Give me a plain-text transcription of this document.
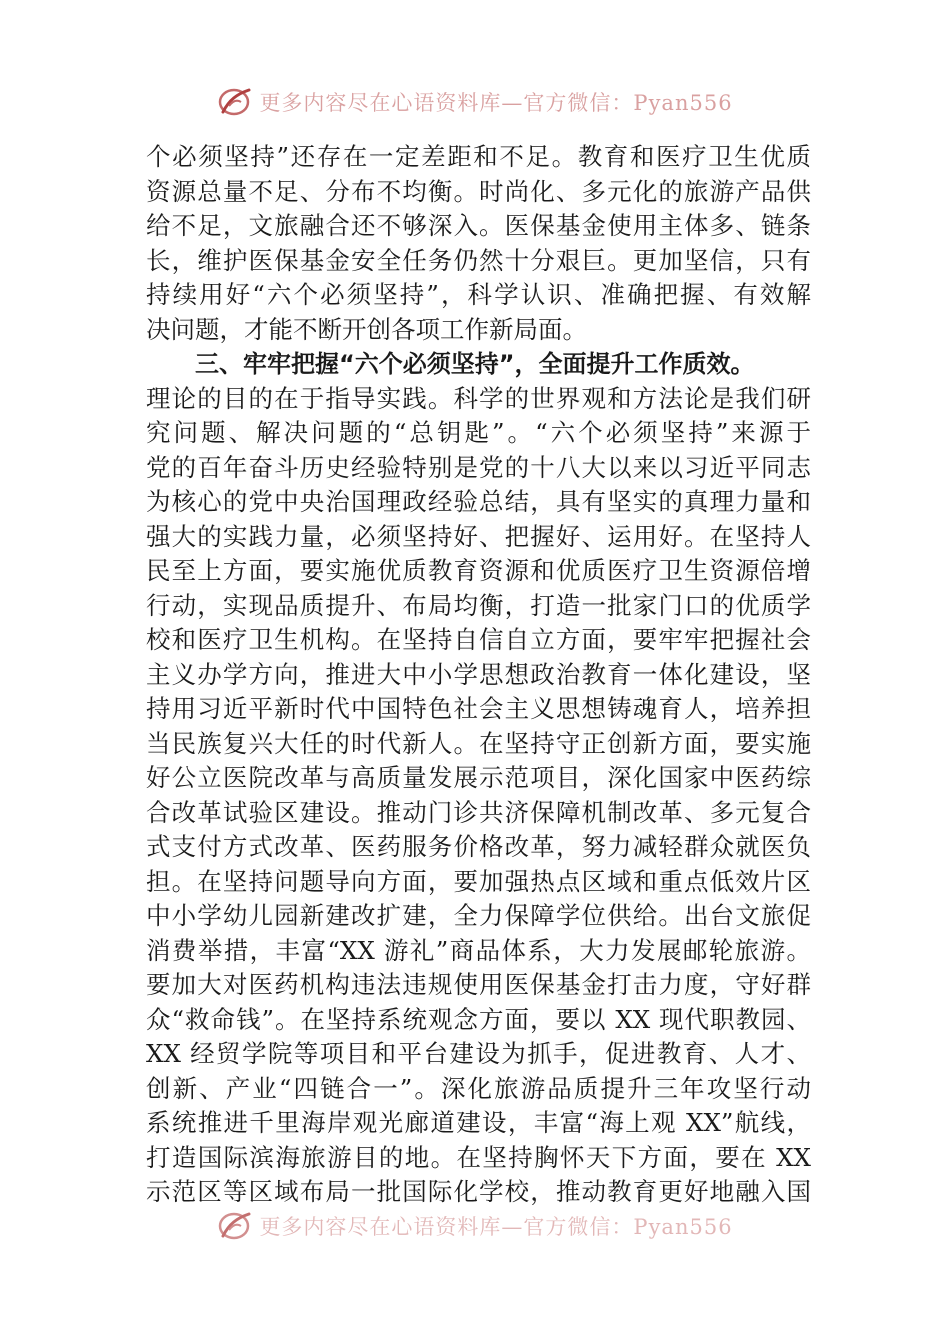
更多内容尽在心语资料库—官方微信：Pyan556
个必须坚持”还存在一定差距和不足。教育和医疗卫生优质
资源总量不足、分布不均衡。时尚化、多元化的旅游产品供
给不足，文旅融合还不够深入。医保基金使用主体多、链条
长，维护医保基金安全任务仍然十分艰巨。更加坚信，只有
持续用好“六个必须坚持”，科学认识、准确把握、有效解
决问题，才能不断开创各项工作新局面。
三、牢牢把握“六个必须坚持”，全面提升工作质效。
理论的目的在于指导实践。科学的世界观和方法论是我们研
究问题、解决问题的“总钥匙”。“六个必须坚持”来源于
党的百年奋斗历史经验特别是党的十八大以来以习近平同志
为核心的党中央治国理政经验总结，具有坚实的真理力量和
强大的实践力量，必须坚持好、把握好、运用好。在坚持人
民至上方面，要实施优质教育资源和优质医疗卫生资源倍增
行动，实现品质提升、布局均衡，打造一批家门口的优质学
校和医疗卫生机构。在坚持自信自立方面，要牢牢把握社会
主义办学方向，推进大中小学思想政治教育一体化建设，坚
持用习近平新时代中国特色社会主义思想铸魂育人，培养担
当民族复兴大任的时代新人。在坚持守正创新方面，要实施
好公立医院改革与高质量发展示范项目，深化国家中医药综
合改革试验区建设。推动门诊共济保障机制改革、多元复合
式支付方式改革、医药服务价格改革，努力减轻群众就医负
担。在坚持问题导向方面，要加强热点区域和重点低效片区
中小学幼儿园新建改扩建，全力保障学位供给。出台文旅促
消费举措，丰富“XX 游礼”商品体系，大力发展邮轮旅游。
要加大对医药机构违法违规使用医保基金打击力度，守好群
众“救命钱”。在坚持系统观念方面，要以 XX 现代职教园、
XX 经贸学院等项目和平台建设为抓手，促进教育、人才、
创新、产业“四链合一”。深化旅游品质提升三年攻坚行动
系统推进千里海岸观光廊道建设，丰富“海上观 XX”航线，
打造国际滨海旅游目的地。在坚持胸怀天下方面，要在 XX
示范区等区域布局一批国际化学校，推动教育更好地融入国
更多内容尽在心语资料库—官方微信：Pyan556
